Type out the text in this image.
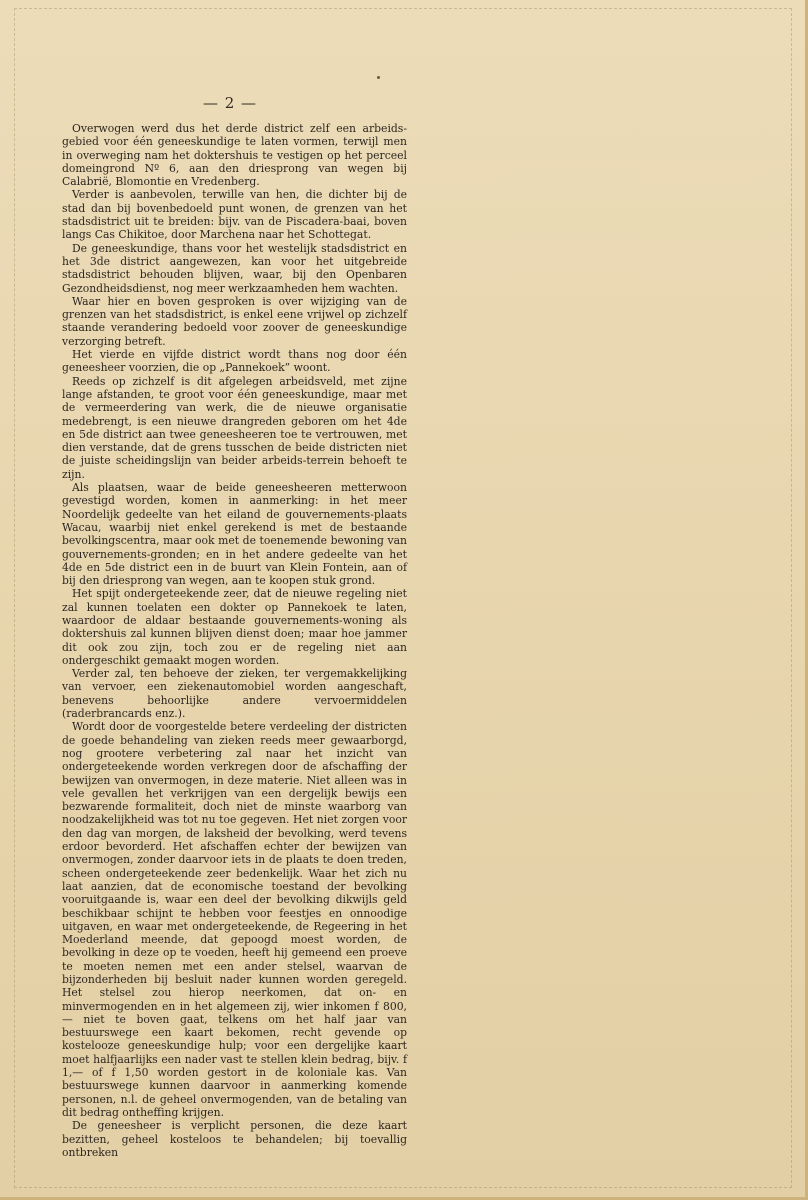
— 2 —

Overwogen werd dus het derde district zelf een arbeids-gebied voor één geneeskundige te laten vormen, terwijl men in overweging nam het doktershuis te vestigen op het perceel domeingrond Nº 6, aan den driesprong van wegen bij Calabrië, Blomontie en Vredenberg.

Verder is aanbevolen, terwille van hen, die dichter bij de stad dan bij bovenbedoeld punt wonen, de grenzen van het stadsdistrict uit te breiden: bijv. van de Piscadera-baai, boven langs Cas Chikitoe, door Marchena naar het Schottegat.

De geneeskundige, thans voor het westelijk stadsdistrict en het 3de district aangewezen, kan voor het uitgebreide stadsdistrict behouden blijven, waar, bij den Openbaren Gezondheidsdienst, nog meer werkzaamheden hem wachten.

Waar hier en boven gesproken is over wijziging van de grenzen van het stadsdistrict, is enkel eene vrijwel op zichzelf staande verandering bedoeld voor zoover de geneeskundige verzorging betreft.

Het vierde en vijfde district wordt thans nog door één geneesheer voorzien, die op „Pannekoek” woont.

Reeds op zichzelf is dit afgelegen arbeidsveld, met zijne lange afstanden, te groot voor één geneeskundige, maar met de vermeerdering van werk, die de nieuwe organisatie medebrengt, is een nieuwe drangreden geboren om het 4de en 5de district aan twee geneesheeren toe te vertrouwen, met dien verstande, dat de grens tusschen de beide districten niet de juiste scheidingslijn van beider arbeids-terrein behoeft te zijn.

Als plaatsen, waar de beide geneesheeren metterwoon gevestigd worden, komen in aanmerking: in het meer Noordelijk gedeelte van het eiland de gouvernements-plaats Wacau, waarbij niet enkel gerekend is met de bestaande bevolkingscentra, maar ook met de toenemende bewoning van gouvernements-gronden; en in het andere gedeelte van het 4de en 5de district een in de buurt van Klein Fontein, aan of bij den driesprong van wegen, aan te koopen stuk grond.

Het spijt ondergeteekende zeer, dat de nieuwe regeling niet zal kunnen toelaten een dokter op Pannekoek te laten, waardoor de aldaar bestaande gouvernements-woning als doktershuis zal kunnen blijven dienst doen; maar hoe jammer dit ook zou zijn, toch zou er de regeling niet aan ondergeschikt gemaakt mogen worden.

Verder zal, ten behoeve der zieken, ter vergemakkelijking van vervoer, een ziekenautomobiel worden aangeschaft, benevens behoorlijke andere vervoermiddelen (raderbrancards enz.).

Wordt door de voorgestelde betere verdeeling der districten de goede behandeling van zieken reeds meer gewaarborgd, nog grootere verbetering zal naar het inzicht van ondergeteekende worden verkregen door de afschaffing der bewijzen van onvermogen, in deze materie. Niet alleen was in vele gevallen het verkrijgen van een dergelijk bewijs een bezwarende formaliteit, doch niet de minste waarborg van noodzakelijkheid was tot nu toe gegeven. Het niet zorgen voor den dag van morgen, de laksheid der bevolking, werd tevens erdoor bevorderd. Het afschaffen echter der bewijzen van onvermogen, zonder daarvoor iets in de plaats te doen treden, scheen ondergeteekende zeer bedenkelijk. Waar het zich nu laat aanzien, dat de economische toestand der bevolking vooruitgaande is, waar een deel der bevolking dikwijls geld beschikbaar schijnt te hebben voor feestjes en onnoodige uitgaven, en waar met ondergeteekende, de Regeering in het Moederland meende, dat gepoogd moest worden, de bevolking in deze op te voeden, heeft hij gemeend een proeve te moeten nemen met een ander stelsel, waarvan de bijzonderheden bij besluit nader kunnen worden geregeld. Het stelsel zou hierop neerkomen, dat on- en minvermogenden en in het algemeen zij, wier inkomen f 800,— niet te boven gaat, telkens om het half jaar van bestuurswege een kaart bekomen, recht gevende op kostelooze geneeskundige hulp; voor een dergelijke kaart moet halfjaarlijks een nader vast te stellen klein bedrag, bijv. f 1,— of f 1,50 worden gestort in de koloniale kas. Van bestuurswege kunnen daarvoor in aanmerking komende personen, n.l. de geheel onvermogenden, van de betaling van dit bedrag ontheffing krijgen.

De geneesheer is verplicht personen, die deze kaart bezitten, geheel kosteloos te behandelen; bij toevallig ontbreken
